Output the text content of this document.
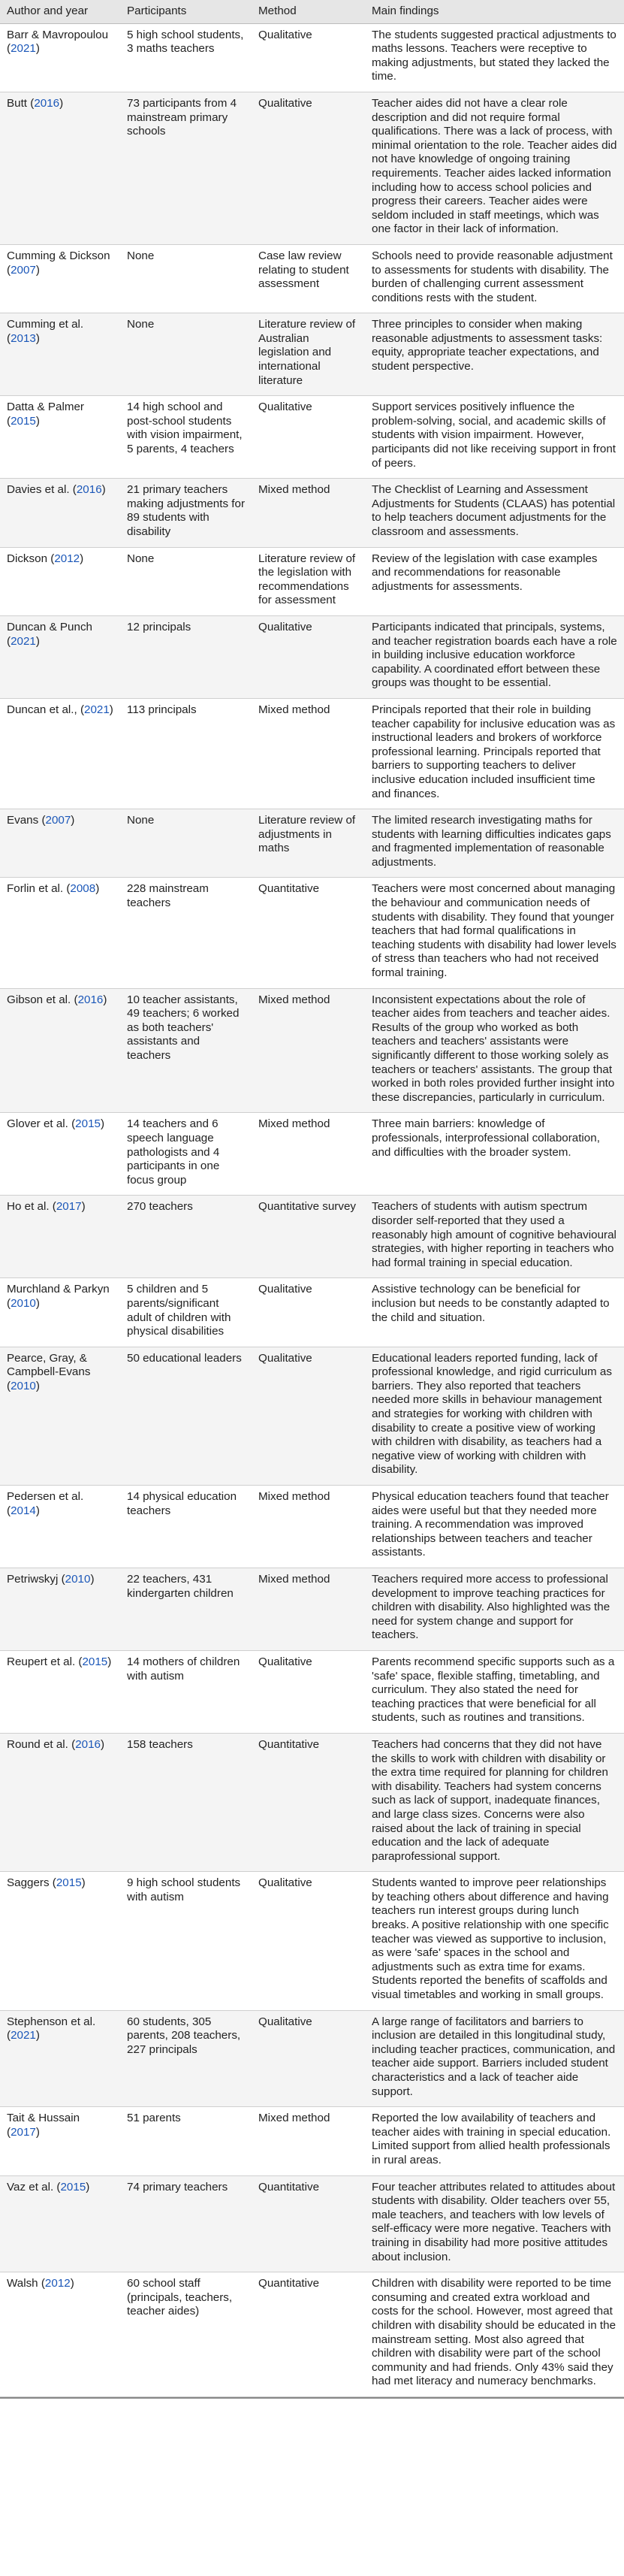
Author and year	Participants	Method	Main findings
Barr & Mavropoulou (2021)	5 high school students, 3 maths teachers	Qualitative	The students suggested practical adjustments to maths lessons. Teachers were receptive to making adjustments, but stated they lacked the time.
Butt (2016)	73 participants from 4 mainstream primary schools	Qualitative	Teacher aides did not have a clear role description and did not require formal qualifications. There was a lack of process, with minimal orientation to the role. Teacher aides did not have knowledge of ongoing training requirements. Teacher aides lacked information including how to access school policies and progress their careers. Teacher aides were seldom included in staff meetings, which was one factor in their lack of information.
Cumming & Dickson (2007)	None	Case law review relating to student assessment	Schools need to provide reasonable adjustment to assessments for students with disability. The burden of challenging current assessment conditions rests with the student.
Cumming et al. (2013)	None	Literature review of Australian legislation and international literature	Three principles to consider when making reasonable adjustments to assessment tasks: equity, appropriate teacher expectations, and student perspective.
Datta & Palmer (2015)	14 high school and post-school students with vision impairment, 5 parents, 4 teachers	Qualitative	Support services positively influence the problem-solving, social, and academic skills of students with vision impairment. However, participants did not like receiving support in front of peers.
Davies et al. (2016)	21 primary teachers making adjustments for 89 students with disability	Mixed method	The Checklist of Learning and Assessment Adjustments for Students (CLAAS) has potential to help teachers document adjustments for the classroom and assessments.
Dickson (2012)	None	Literature review of the legislation with recommendations for assessment	Review of the legislation with case examples and recommendations for reasonable adjustments for assessments.
Duncan & Punch (2021)	12 principals	Qualitative	Participants indicated that principals, systems, and teacher registration boards each have a role in building inclusive education workforce capability. A coordinated effort between these groups was thought to be essential.
Duncan et al., (2021)	113 principals	Mixed method	Principals reported that their role in building teacher capability for inclusive education was as instructional leaders and brokers of workforce professional learning. Principals reported that barriers to supporting teachers to deliver inclusive education included insufficient time and finances.
Evans (2007)	None	Literature review of adjustments in maths	The limited research investigating maths for students with learning difficulties indicates gaps and fragmented implementation of reasonable adjustments.
Forlin et al. (2008)	228 mainstream teachers	Quantitative	Teachers were most concerned about managing the behaviour and communication needs of students with disability. They found that younger teachers that had formal qualifications in teaching students with disability had lower levels of stress than teachers who had not received formal training.
Gibson et al. (2016)	10 teacher assistants, 49 teachers; 6 worked as both teachers' assistants and teachers	Mixed method	Inconsistent expectations about the role of teacher aides from teachers and teacher aides. Results of the group who worked as both teachers and teachers' assistants were significantly different to those working solely as teachers or teachers' assistants. The group that worked in both roles provided further insight into these discrepancies, particularly in curriculum.
Glover et al. (2015)	14 teachers and 6 speech language pathologists and 4 participants in one focus group	Mixed method	Three main barriers: knowledge of professionals, interprofessional collaboration, and difficulties with the broader system.
Ho et al. (2017)	270 teachers	Quantitative survey	Teachers of students with autism spectrum disorder self-reported that they used a reasonably high amount of cognitive behavioural strategies, with higher reporting in teachers who had formal training in special education.
Murchland & Parkyn (2010)	5 children and 5 parents/significant adult of children with physical disabilities	Qualitative	Assistive technology can be beneficial for inclusion but needs to be constantly adapted to the child and situation.
Pearce, Gray, & Campbell-Evans (2010)	50 educational leaders	Qualitative	Educational leaders reported funding, lack of professional knowledge, and rigid curriculum as barriers. They also reported that teachers needed more skills in behaviour management and strategies for working with children with disability to create a positive view of working with children with disability, as teachers had a negative view of working with children with disability.
Pedersen et al. (2014)	14 physical education teachers	Mixed method	Physical education teachers found that teacher aides were useful but that they needed more training. A recommendation was improved relationships between teachers and teacher assistants.
Petriwskyj (2010)	22 teachers, 431 kindergarten children	Mixed method	Teachers required more access to professional development to improve teaching practices for children with disability. Also highlighted was the need for system change and support for teachers.
Reupert et al. (2015)	14 mothers of children with autism	Qualitative	Parents recommend specific supports such as a 'safe' space, flexible staffing, timetabling, and curriculum. They also stated the need for teaching practices that were beneficial for all students, such as routines and transitions.
Round et al. (2016)	158 teachers	Quantitative	Teachers had concerns that they did not have the skills to work with children with disability or the extra time required for planning for children with disability. Teachers had system concerns such as lack of support, inadequate finances, and large class sizes. Concerns were also raised about the lack of training in special education and the lack of adequate paraprofessional support.
Saggers (2015)	9 high school students with autism	Qualitative	Students wanted to improve peer relationships by teaching others about difference and having teachers run interest groups during lunch breaks. A positive relationship with one specific teacher was viewed as supportive to inclusion, as were 'safe' spaces in the school and adjustments such as extra time for exams. Students reported the benefits of scaffolds and visual timetables and working in small groups.
Stephenson et al. (2021)	60 students, 305 parents, 208 teachers, 227 principals	Qualitative	A large range of facilitators and barriers to inclusion are detailed in this longitudinal study, including teacher practices, communication, and teacher aide support. Barriers included student characteristics and a lack of teacher aide support.
Tait & Hussain (2017)	51 parents	Mixed method	Reported the low availability of teachers and teacher aides with training in special education. Limited support from allied health professionals in rural areas.
Vaz et al. (2015)	74 primary teachers	Quantitative	Four teacher attributes related to attitudes about students with disability. Older teachers over 55, male teachers, and teachers with low levels of self-efficacy were more negative. Teachers with training in disability had more positive attitudes about inclusion.
Walsh (2012)	60 school staff (principals, teachers, teacher aides)	Quantitative	Children with disability were reported to be time consuming and created extra workload and costs for the school. However, most agreed that children with disability should be educated in the mainstream setting. Most also agreed that children with disability were part of the school community and had friends. Only 43% said they had met literacy and numeracy benchmarks.
